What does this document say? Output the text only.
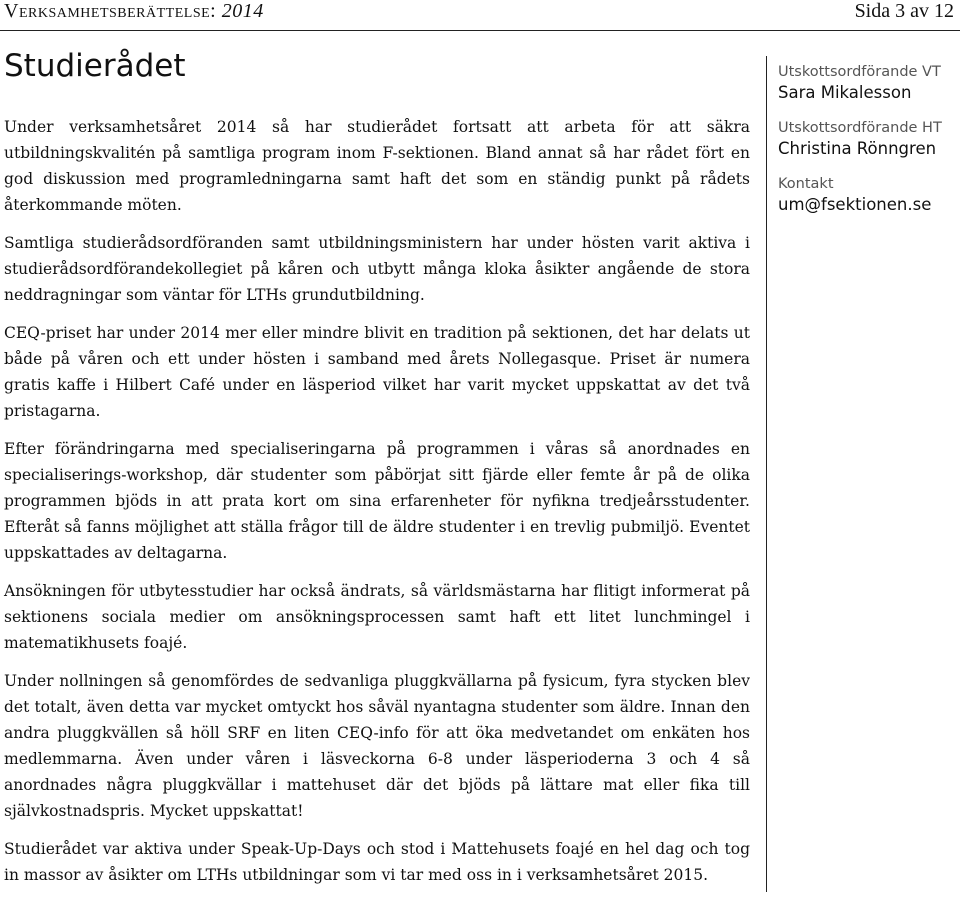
Verksamhetsberättelse: 2014	Sida 3 av 12
Studierådet

Under verksamhetsåret 2014 så har studierådet fortsatt att arbeta för att säkra utbildningskvalitén på samtliga program inom F-sektionen. Bland annat så har rådet fört en god diskussion med programledningarna samt haft det som en ständig punkt på rådets återkommande möten.

Samtliga studierådsordföranden samt utbildningsministern har under hösten varit aktiva i studierådsordförandekollegiet på kåren och utbytt många kloka åsikter angående de stora neddragningar som väntar för LTHs grundutbildning.

CEQ-priset har under 2014 mer eller mindre blivit en tradition på sektionen, det har delats ut både på våren och ett under hösten i samband med årets Nollegasque. Priset är numera gratis kaffe i Hilbert Café under en läsperiod vilket har varit mycket uppskattat av det två pristagarna.

Efter förändringarna med specialiseringarna på programmen i våras så anordnades en specialiserings-workshop, där studenter som påbörjat sitt fjärde eller femte år på de olika programmen bjöds in att prata kort om sina erfarenheter för nyfikna tredjeårsstudenter. Efteråt så fanns möjlighet att ställa frågor till de äldre studenter i en trevlig pubmiljö. Eventet uppskattades av deltagarna.

Ansökningen för utbytesstudier har också ändrats, så världsmästarna har flitigt informerat på sektionens sociala medier om ansökningsprocessen samt haft ett litet lunchmingel i matematikhusets foajé.

Under nollningen så genomfördes de sedvanliga pluggkvällarna på fysicum, fyra stycken blev det totalt, även detta var mycket omtyckt hos såväl nyantagna studenter som äldre. Innan den andra pluggkvällen så höll SRF en liten CEQ-info för att öka medvetandet om enkäten hos medlemmarna. Även under våren i läsveckorna 6-8 under läsperioderna 3 och 4 så anordnades några pluggkvällar i mattehuset där det bjöds på lättare mat eller fika till självkostnadspris. Mycket uppskattat!

Studierådet var aktiva under Speak-Up-Days och stod i Mattehusets foajé en hel dag och tog in massor av åsikter om LTHs utbildningar som vi tar med oss in i verksamhetsåret 2015.

Utskottsordförande VT
Sara Mikalesson
Utskottsordförande HT
Christina Rönngren
Kontakt
um@fsektionen.se
